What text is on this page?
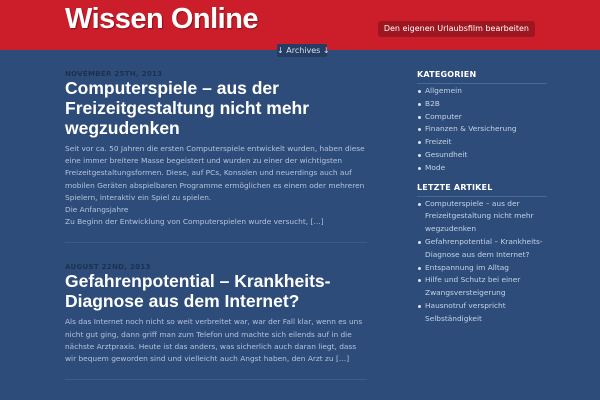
Wissen Online	Den eigenen Urlaubsfilm bearbeiten
↓ Archives ↓
NOVEMBER 25TH, 2013
Computerspiele – aus der Freizeitgestaltung nicht mehr wegzudenken

Seit vor ca. 50 Jahren die ersten Computerspiele entwickelt wurden, haben diese eine immer breitere Masse begeistert und wurden zu einer der wichtigsten Freizeitgestaltungsformen. Diese, auf PCs, Konsolen und neuerdings auch auf mobilen Geräten abspielbaren Programme ermöglichen es einem oder mehreren Spielern, interaktiv ein Spiel zu spielen.

Die Anfangsjahre

Zu Beginn der Entwicklung von Computerspielen wurde versucht, […]

AUGUST 22ND, 2013
Gefahrenpotential – Krankheits-Diagnose aus dem Internet?

Als das Internet noch nicht so weit verbreitet war, war der Fall klar, wenn es uns nicht gut ging, dann griff man zum Telefon und machte sich eilends auf in die nächste Arztpraxis. Heute ist das anders, was sicherlich auch daran liegt, dass wir bequem geworden sind und vielleicht auch Angst haben, den Arzt zu […]

KATEGORIEN
Allgemein
B2B
Computer
Finanzen & Versicherung
Freizeit
Gesundheit
Mode
LETZTE ARTIKEL
Computerspiele – aus der Freizeitgestaltung nicht mehr wegzudenken
Gefahrenpotential – Krankheits-Diagnose aus dem Internet?
Entspannung im Alltag
Hilfe und Schutz bei einer Zwangsversteigerung
Hausnotruf verspricht Selbständigkeit
